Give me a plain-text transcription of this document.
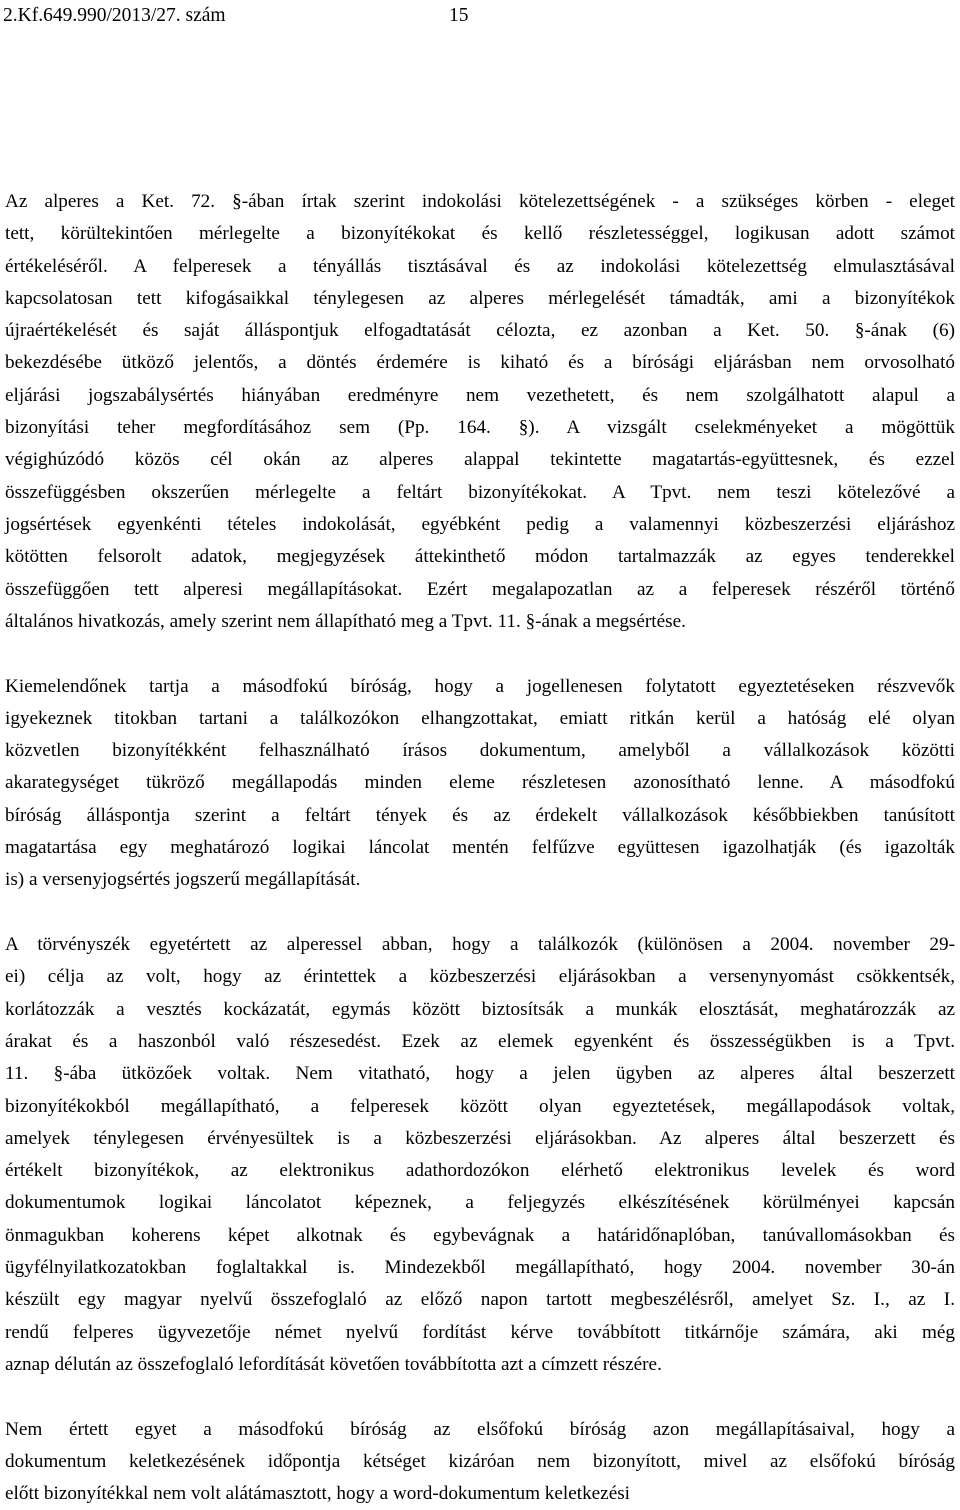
2.Kf.649.990/2013/27. szám	15

Az alperes a Ket. 72. §-ában írtak szerint indokolási kötelezettségének - a szükséges körben - eleget
tett, körültekintően mérlegelte a bizonyítékokat és kellő részletességgel, logikusan adott számot
értékeléséről. A felperesek a tényállás tisztásával és az indokolási kötelezettség elmulasztásával
kapcsolatosan tett kifogásaikkal ténylegesen az alperes mérlegelését támadták, ami a bizonyítékok
újraértékelését és saját álláspontjuk elfogadtatását célozta, ez azonban a Ket. 50. §-ának (6)
bekezdésébe ütköző jelentős, a döntés érdemére is kiható és a bírósági eljárásban nem orvosolható
eljárási jogszabálysértés hiányában eredményre nem vezethetett, és nem szolgálhatott alapul a
bizonyítási teher megfordításához sem (Pp. 164. §). A vizsgált cselekményeket a mögöttük
végighúzódó közös cél okán az alperes alappal tekintette magatartás-együttesnek, és ezzel
összefüggésben okszerűen mérlegelte a feltárt bizonyítékokat. A Tpvt. nem teszi kötelezővé a
jogsértések egyenkénti tételes indokolását, egyébként pedig a valamennyi közbeszerzési eljáráshoz
kötötten felsorolt adatok, megjegyzések áttekinthető módon tartalmazzák az egyes tenderekkel
összefüggően tett alperesi megállapításokat. Ezért megalapozatlan az a felperesek részéről történő
általános hivatkozás, amely szerint nem állapítható meg a Tpvt. 11. §-ának a megsértése.

Kiemelendőnek tartja a másodfokú bíróság, hogy a jogellenesen folytatott egyeztetéseken részvevők
igyekeznek titokban tartani a találkozókon elhangzottakat, emiatt ritkán kerül a hatóság elé olyan
közvetlen bizonyítékként felhasználható írásos dokumentum, amelyből a vállalkozások közötti
akarategységet tükröző megállapodás minden eleme részletesen azonosítható lenne. A másodfokú
bíróság álláspontja szerint a feltárt tények és az érdekelt vállalkozások későbbiekben tanúsított
magatartása egy meghatározó logikai láncolat mentén felfűzve együttesen igazolhatják (és igazolták
is) a versenyjogsértés jogszerű megállapítását.

A törvényszék egyetértett az alperessel abban, hogy a találkozók (különösen a 2004. november 29-
ei) célja az volt, hogy az érintettek a közbeszerzési eljárásokban a versenynyomást csökkentsék,
korlátozzák a vesztés kockázatát, egymás között biztosítsák a munkák elosztását, meghatározzák az
árakat és a haszonból való részesedést. Ezek az elemek egyenként és összességükben is a Tpvt.
11. §-ába ütközőek voltak. Nem vitatható, hogy a jelen ügyben az alperes által beszerzett
bizonyítékokból megállapítható, a felperesek között olyan egyeztetések, megállapodások voltak,
amelyek ténylegesen érvényesültek is a közbeszerzési eljárásokban. Az alperes által beszerzett és
értékelt bizonyítékok, az elektronikus adathordozókon elérhető elektronikus levelek és word
dokumentumok logikai láncolatot képeznek, a feljegyzés elkészítésének körülményei kapcsán
önmagukban koherens képet alkotnak és egybevágnak a határidőnaplóban, tanúvallomásokban és
ügyfélnyilatkozatokban foglaltakkal is. Mindezekből megállapítható, hogy 2004. november 30-án
készült egy magyar nyelvű összefoglaló az előző napon tartott megbeszélésről, amelyet Sz. I., az I.
rendű felperes ügyvezetője német nyelvű fordítást kérve továbbított titkárnője számára, aki még
aznap délután az összefoglaló lefordítását követően továbbította azt a címzett részére.

Nem értett egyet a másodfokú bíróság az elsőfokú bíróság azon megállapításaival, hogy a
dokumentum keletkezésének időpontja kétséget kizáróan nem bizonyított, mivel az elsőfokú bíróság
előtt bizonyítékkal nem volt alátámasztott, hogy a word-dokumentum keletkezési
